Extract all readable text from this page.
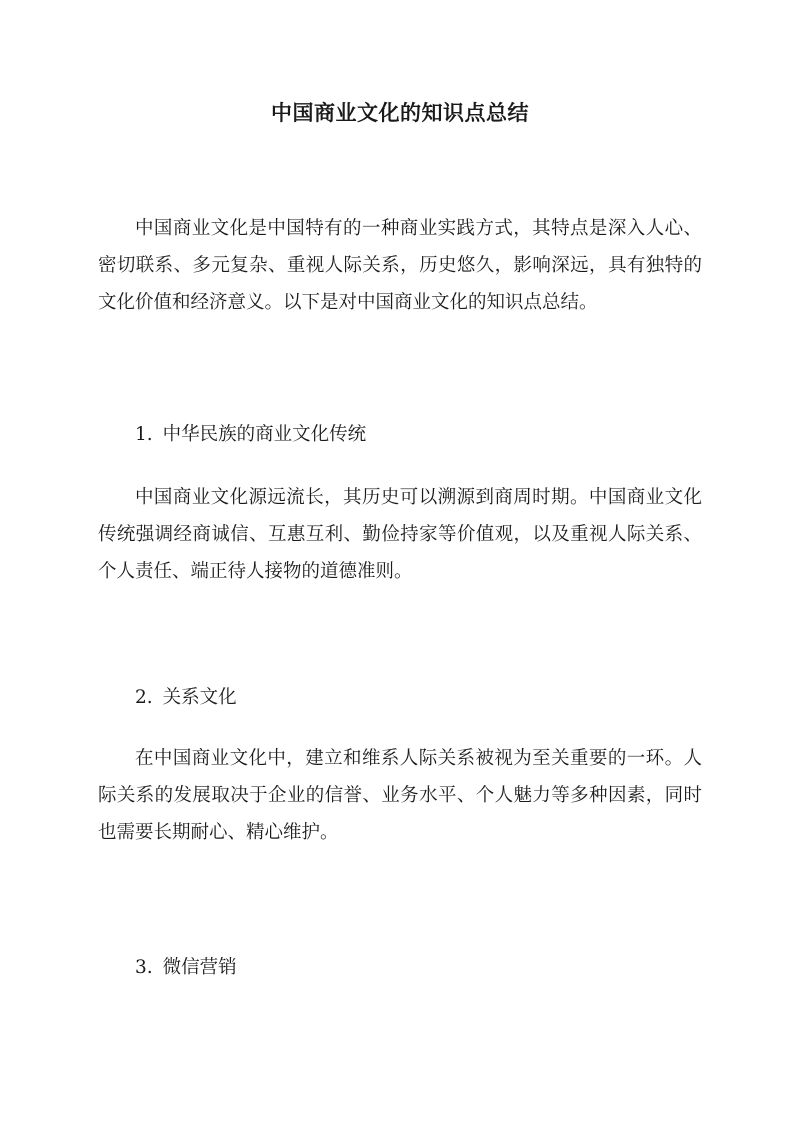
中国商业文化的知识点总结

中国商业文化是中国特有的一种商业实践方式，其特点是深入人心、密切联系、多元复杂、重视人际关系，历史悠久，影响深远，具有独特的文化价值和经济意义。以下是对中国商业文化的知识点总结。

1. 中华民族的商业文化传统

中国商业文化源远流长，其历史可以溯源到商周时期。中国商业文化传统强调经商诚信、互惠互利、勤俭持家等价值观，以及重视人际关系、个人责任、端正待人接物的道德准则。

2. 关系文化

在中国商业文化中，建立和维系人际关系被视为至关重要的一环。人际关系的发展取决于企业的信誉、业务水平、个人魅力等多种因素，同时也需要长期耐心、精心维护。

3. 微信营销
